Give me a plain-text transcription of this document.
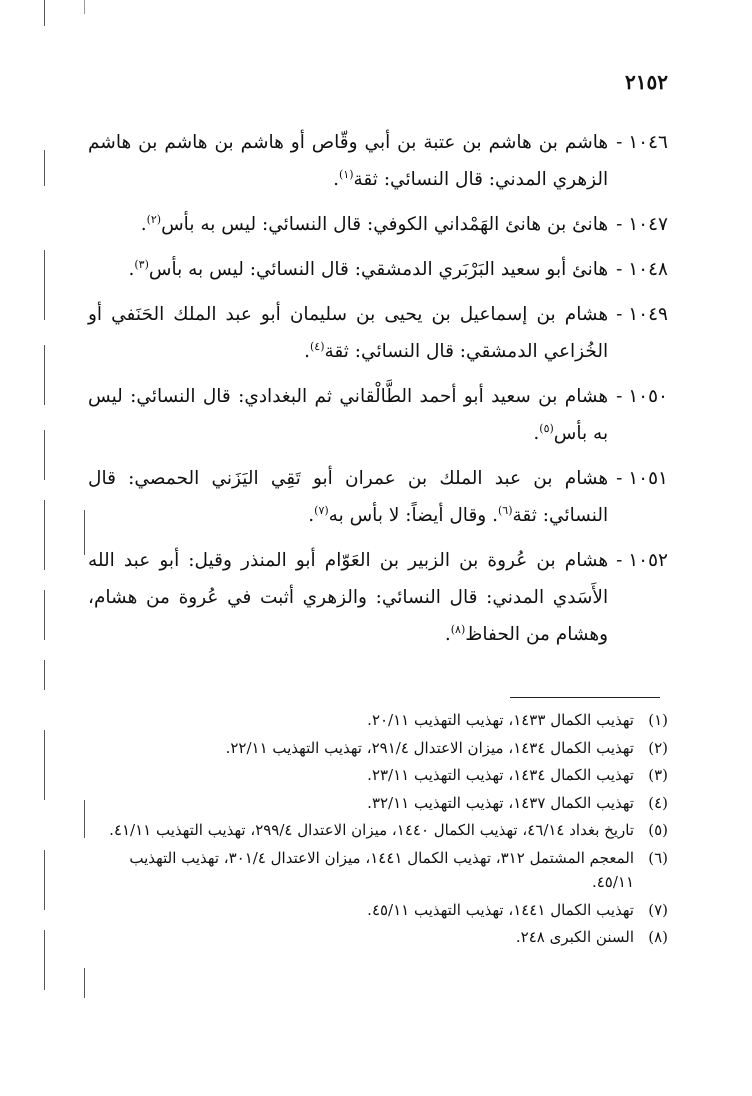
٢١٥٢
١٠٤٦ -
هاشم بن هاشم بن عتبة بن أبي وقّاص أو هاشم بن هاشم بن هاشم الزهري المدني: قال النسائي: ثقة$^{(١)}$.
١٠٤٧ -
هانئ بن هانئ الهَمْداني الكوفي: قال النسائي: ليس به بأس$^{(٢)}$.
١٠٤٨ -
هانئ أبو سعيد البَرْبَري الدمشقي: قال النسائي: ليس به بأس$^{(٣)}$.
١٠٤٩ -
هشام بن إسماعيل بن يحيى بن سليمان أبو عبد الملك الحَنَفي أو الخُزاعي الدمشقي: قال النسائي: ثقة$^{(٤)}$.
١٠٥٠ -
هشام بن سعيد أبو أحمد الطَّالْقاني ثم البغدادي: قال النسائي: ليس به بأس$^{(٥)}$.
١٠٥١ -
هشام بن عبد الملك بن عمران أبو تَقِي اليَزَني الحمصي: قال النسائي: ثقة$^{(٦)}$. وقال أيضاً: لا بأس به$^{(٧)}$.
١٠٥٢ -
هشام بن عُروة بن الزبير بن العَوّام أبو المنذر وقيل: أبو عبد الله الأَسَدي المدني: قال النسائي: والزهري أثبت في عُروة من هشام، وهشام من الحفاظ$^{(٨)}$.
(١)
تهذيب الكمال ١٤٣٣، تهذيب التهذيب ٢٠/١١.
(٢)
تهذيب الكمال ١٤٣٤، ميزان الاعتدال ٢٩١/٤، تهذيب التهذيب ٢٢/١١.
(٣)
تهذيب الكمال ١٤٣٤، تهذيب التهذيب ٢٣/١١.
(٤)
تهذيب الكمال ١٤٣٧، تهذيب التهذيب ٣٢/١١.
(٥)
تاريخ بغداد ٤٦/١٤، تهذيب الكمال ١٤٤٠، ميزان الاعتدال ٢٩٩/٤، تهذيب التهذيب ٤١/١١.
(٦)
المعجم المشتمل ٣١٢، تهذيب الكمال ١٤٤١، ميزان الاعتدال ٣٠١/٤، تهذيب التهذيب ٤٥/١١.
(٧)
تهذيب الكمال ١٤٤١، تهذيب التهذيب ٤٥/١١.
(٨)
السنن الكبرى ٢٤٨.
